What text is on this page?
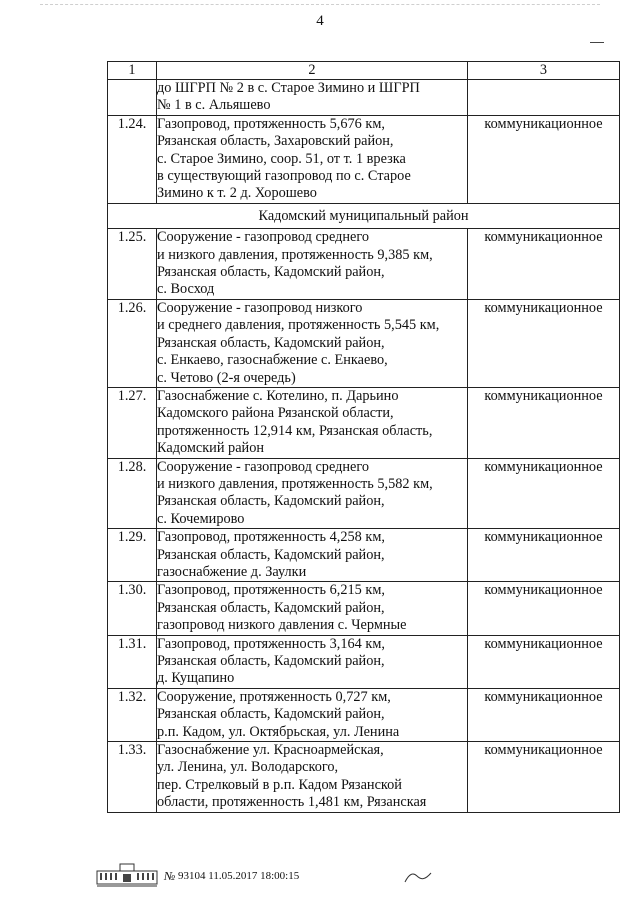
4
1	2	3

	до ШГРП № 2 в с. Старое Зимино и ШГРП
№ 1 в с. Альяшево	

1.24.	Газопровод, протяженность 5,676 км,
Рязанская область, Захаровский район,
с. Старое Зимино, соор. 51, от т. 1 врезка
в существующий газопровод по с. Старое
Зимино к т. 2 д. Хорошево	коммуникационное
Кадомский муниципальный район		
1.25.	Сооружение - газопровод среднего
и низкого давления, протяженность 9,385 км,
Рязанская область, Кадомский район,
с. Восход	коммуникационное
1.26.	Сооружение - газопровод низкого
и среднего давления, протяженность 5,545 км,
Рязанская область, Кадомский район,
с. Енкаево, газоснабжение с. Енкаево,
с. Четово (2-я очередь)	коммуникационное
1.27.	Газоснабжение с. Котелино, п. Дарьино
Кадомского района Рязанской области,
протяженность 12,914 км, Рязанская область,
Кадомский район	коммуникационное
1.28.	Сооружение - газопровод среднего
и низкого давления, протяженность 5,582 км,
Рязанская область, Кадомский район,
с. Кочемирово	коммуникационное
1.29.	Газопровод, протяженность 4,258 км,
Рязанская область, Кадомский район,
газоснабжение д. Заулки	коммуникационное
1.30.	Газопровод, протяженность 6,215 км,
Рязанская область, Кадомский район,
газопровод низкого давления с. Чермные	коммуникационное
1.31.	Газопровод, протяженность 3,164 км,
Рязанская область, Кадомский район,
д. Кущапино	коммуникационное
1.32.	Сооружение, протяженность 0,727 км,
Рязанская область, Кадомский район,
р.п. Кадом, ул. Октябрьская, ул. Ленина	коммуникационное
1.33.	Газоснабжение ул. Красноармейская,
ул. Ленина, ул. Володарского,
пер. Стрелковый в р.п. Кадом Рязанской
области, протяженность 1,481 км, Рязанская	коммуникационное
№ 93104 11.05.2017 18:00:15
